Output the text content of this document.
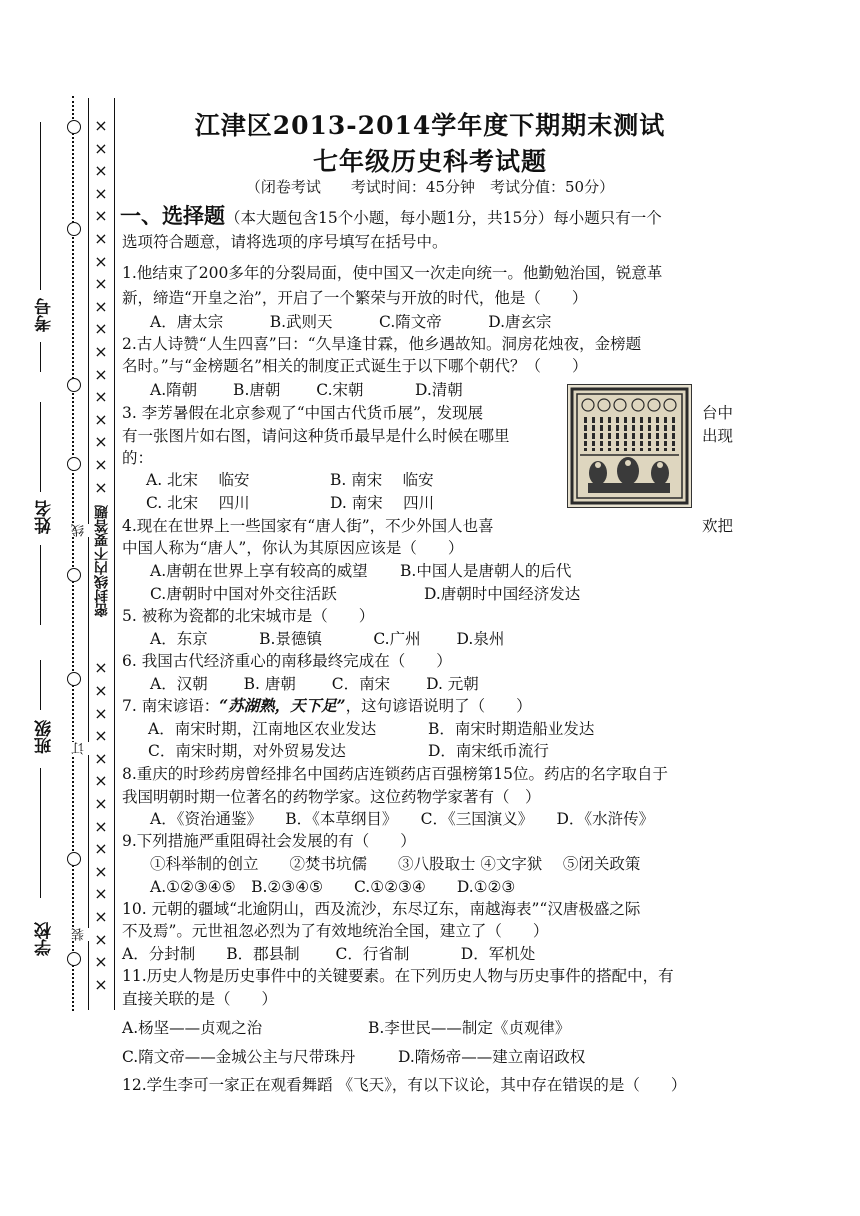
线
订
装
考号
姓名
班级
学校
×
×
×
×
×
×
×
×
×
×
×
×
×
×
×
×
×
×
×
×
×
×
×
×
×
×
×
×
×
×
×
×
密封线内不要答题
江津区2013-2014学年度下期期末测试
七年级历史科考试题
（闭卷考试　　考试时间：45分钟　考试分值：50分）
一、选择题（本大题包含15个小题，每小题1分，共15分）每小题只有一个
选项符合题意，请将选项的序号填写在括号中。
1.他结束了200多年的分裂局面，使中国又一次走向统一。他勤勉治国，锐意革
新，缔造“开皇之治”，开启了一个繁荣与开放的时代，他是（　　）
A．唐太宗　　　B.武则天　　　C.隋文帝　　　D.唐玄宗
2.古人诗赞“人生四喜”曰：“久旱逢甘霖，他乡遇故知。洞房花烛夜，金榜题
名时。”与“金榜题名”相关的制度正式诞生于以下哪个朝代？（　　）
A.隋朝　　 B.唐朝　　 C.宋朝　　　 D.清朝
3. 李芳暑假在北京参观了“中国古代货币展”，发现展	台中
有一张图片如右图，请问这种货币最早是什么时候在哪里	出现
的：
A. 北宋　 临安	B. 南宋　 临安
C. 北宋　 四川	D. 南宋　 四川
4.现在在世界上一些国家有“唐人街”，不少外国人也喜	欢把
中国人称为“唐人”，你认为其原因应该是（　　）
A.唐朝在世界上享有较高的威望 B.中国人是唐朝人的后代
C.唐朝时中国对外交往活跃	D.唐朝时中国经济发达
5. 被称为瓷都的北宋城市是（　　）
A．东京　　　 B.景德镇　　　 C.广州　　 D.泉州
6. 我国古代经济重心的南移最终完成在（　　）
A．汉朝　　 B. 唐朝　　 C．南宋　　 D. 元朝
7. 南宋谚语：“苏湖熟，天下足”，这句谚语说明了（　　）
A．南宋时期，江南地区农业发达	B．南宋时期造船业发达
C．南宋时期，对外贸易发达	D．南宋纸币流行
8.重庆的时珍药房曾经排名中国药店连锁药店百强榜第15位。药店的名字取自于
我国明朝时期一位著名的药物学家。这位药物学家著有（　）
A．《资治通鉴》　　B．《本草纲目》　　C．《三国演义》　　D．《水浒传》
9.下列措施严重阻碍社会发展的有（　　）
①科举制的创立　　②焚书坑儒　　③八股取士 ④文字狱　 ⑤闭关政策
A.①②③④⑤　B.②③④⑤　　C.①②③④　　D.①②③
10. 元朝的疆域“北逾阴山，西及流沙，东尽辽东，南越海表”“汉唐极盛之际
不及焉”。元世祖忽必烈为了有效地统治全国，建立了（　　）
A．分封制　　B．郡县制　　 C．行省制　　　 D．军机处
11.历史人物是历史事件中的关键要素。在下列历史人物与历史事件的搭配中，有
直接关联的是（　　）
A.杨坚——贞观之治	B.李世民——制定《贞观律》
C.隋文帝——金城公主与尺带珠丹	D.隋炀帝——建立南诏政权
12.学生李可一家正在观看舞蹈 《飞天》，有以下议论，其中存在错误的是（　　）
